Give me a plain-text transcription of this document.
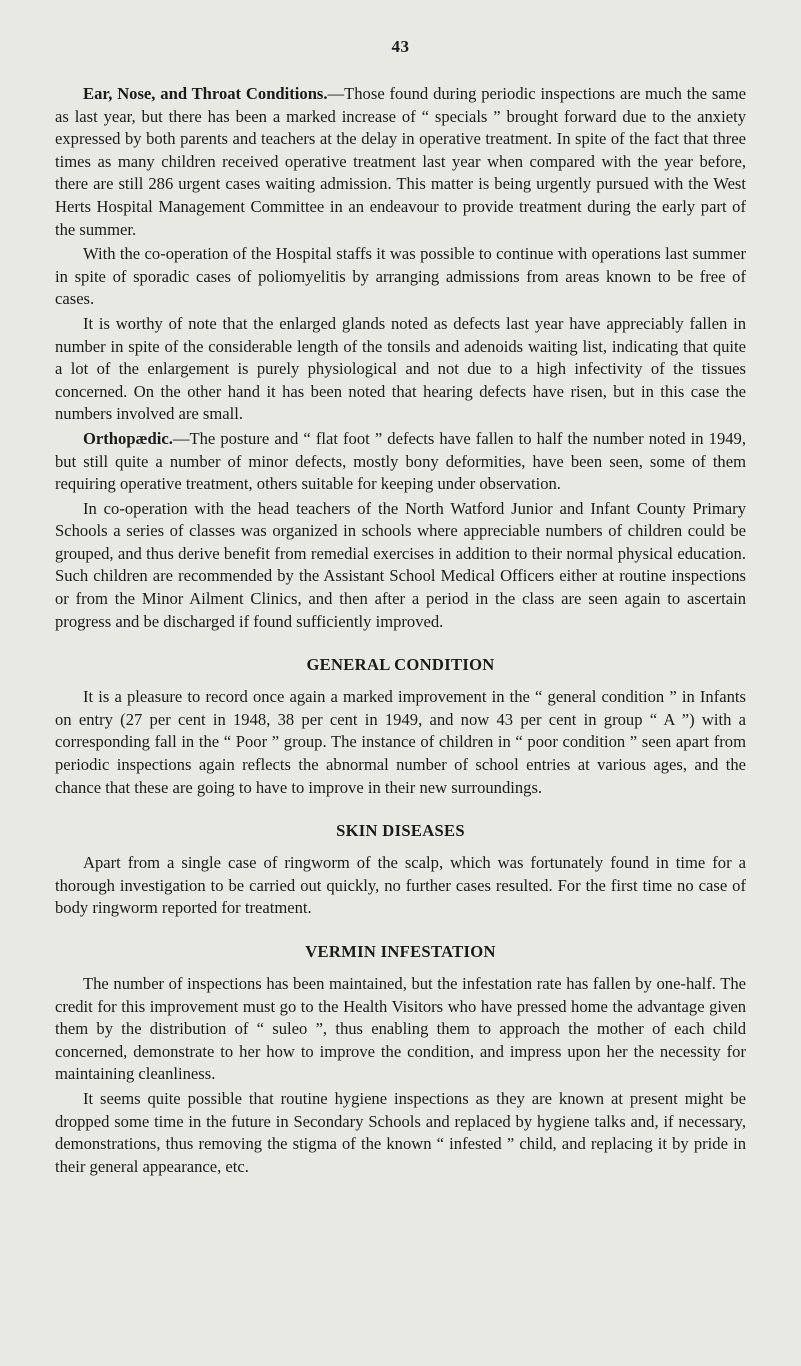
43

Ear, Nose, and Throat Conditions.—Those found during periodic inspections are much the same as last year, but there has been a marked increase of “ specials ” brought forward due to the anxiety expressed by both parents and teachers at the delay in operative treatment. In spite of the fact that three times as many children received operative treatment last year when compared with the year before, there are still 286 urgent cases waiting admission. This matter is being urgently pursued with the West Herts Hospital Management Committee in an endeavour to provide treatment during the early part of the summer.

With the co-operation of the Hospital staffs it was possible to continue with operations last summer in spite of sporadic cases of poliomyelitis by arranging admissions from areas known to be free of cases.

It is worthy of note that the enlarged glands noted as defects last year have appreciably fallen in number in spite of the considerable length of the tonsils and adenoids waiting list, indicating that quite a lot of the enlargement is purely physiological and not due to a high infectivity of the tissues concerned. On the other hand it has been noted that hearing defects have risen, but in this case the numbers involved are small.

Orthopædic.—The posture and “ flat foot ” defects have fallen to half the number noted in 1949, but still quite a number of minor defects, mostly bony deformities, have been seen, some of them requiring operative treatment, others suitable for keeping under observation.

In co-operation with the head teachers of the North Watford Junior and Infant County Primary Schools a series of classes was organized in schools where appreciable numbers of children could be grouped, and thus derive benefit from remedial exercises in addition to their normal physical education. Such children are recommended by the Assistant School Medical Officers either at routine inspections or from the Minor Ailment Clinics, and then after a period in the class are seen again to ascertain progress and be discharged if found sufficiently improved.

GENERAL CONDITION

It is a pleasure to record once again a marked improvement in the “ general condition ” in Infants on entry (27 per cent in 1948, 38 per cent in 1949, and now 43 per cent in group “ A ”) with a corresponding fall in the “ Poor ” group. The instance of children in “ poor condition ” seen apart from periodic inspections again reflects the abnormal number of school entries at various ages, and the chance that these are going to have to improve in their new surroundings.

SKIN DISEASES

Apart from a single case of ringworm of the scalp, which was fortunately found in time for a thorough investigation to be carried out quickly, no further cases resulted. For the first time no case of body ringworm reported for treatment.

VERMIN INFESTATION

The number of inspections has been maintained, but the infestation rate has fallen by one-half. The credit for this improvement must go to the Health Visitors who have pressed home the advantage given them by the distribution of “ suleo ”, thus enabling them to approach the mother of each child concerned, demonstrate to her how to improve the condition, and impress upon her the necessity for maintaining cleanliness.

It seems quite possible that routine hygiene inspections as they are known at present might be dropped some time in the future in Secondary Schools and replaced by hygiene talks and, if necessary, demonstrations, thus removing the stigma of the known “ infested ” child, and replacing it by pride in their general appearance, etc.
